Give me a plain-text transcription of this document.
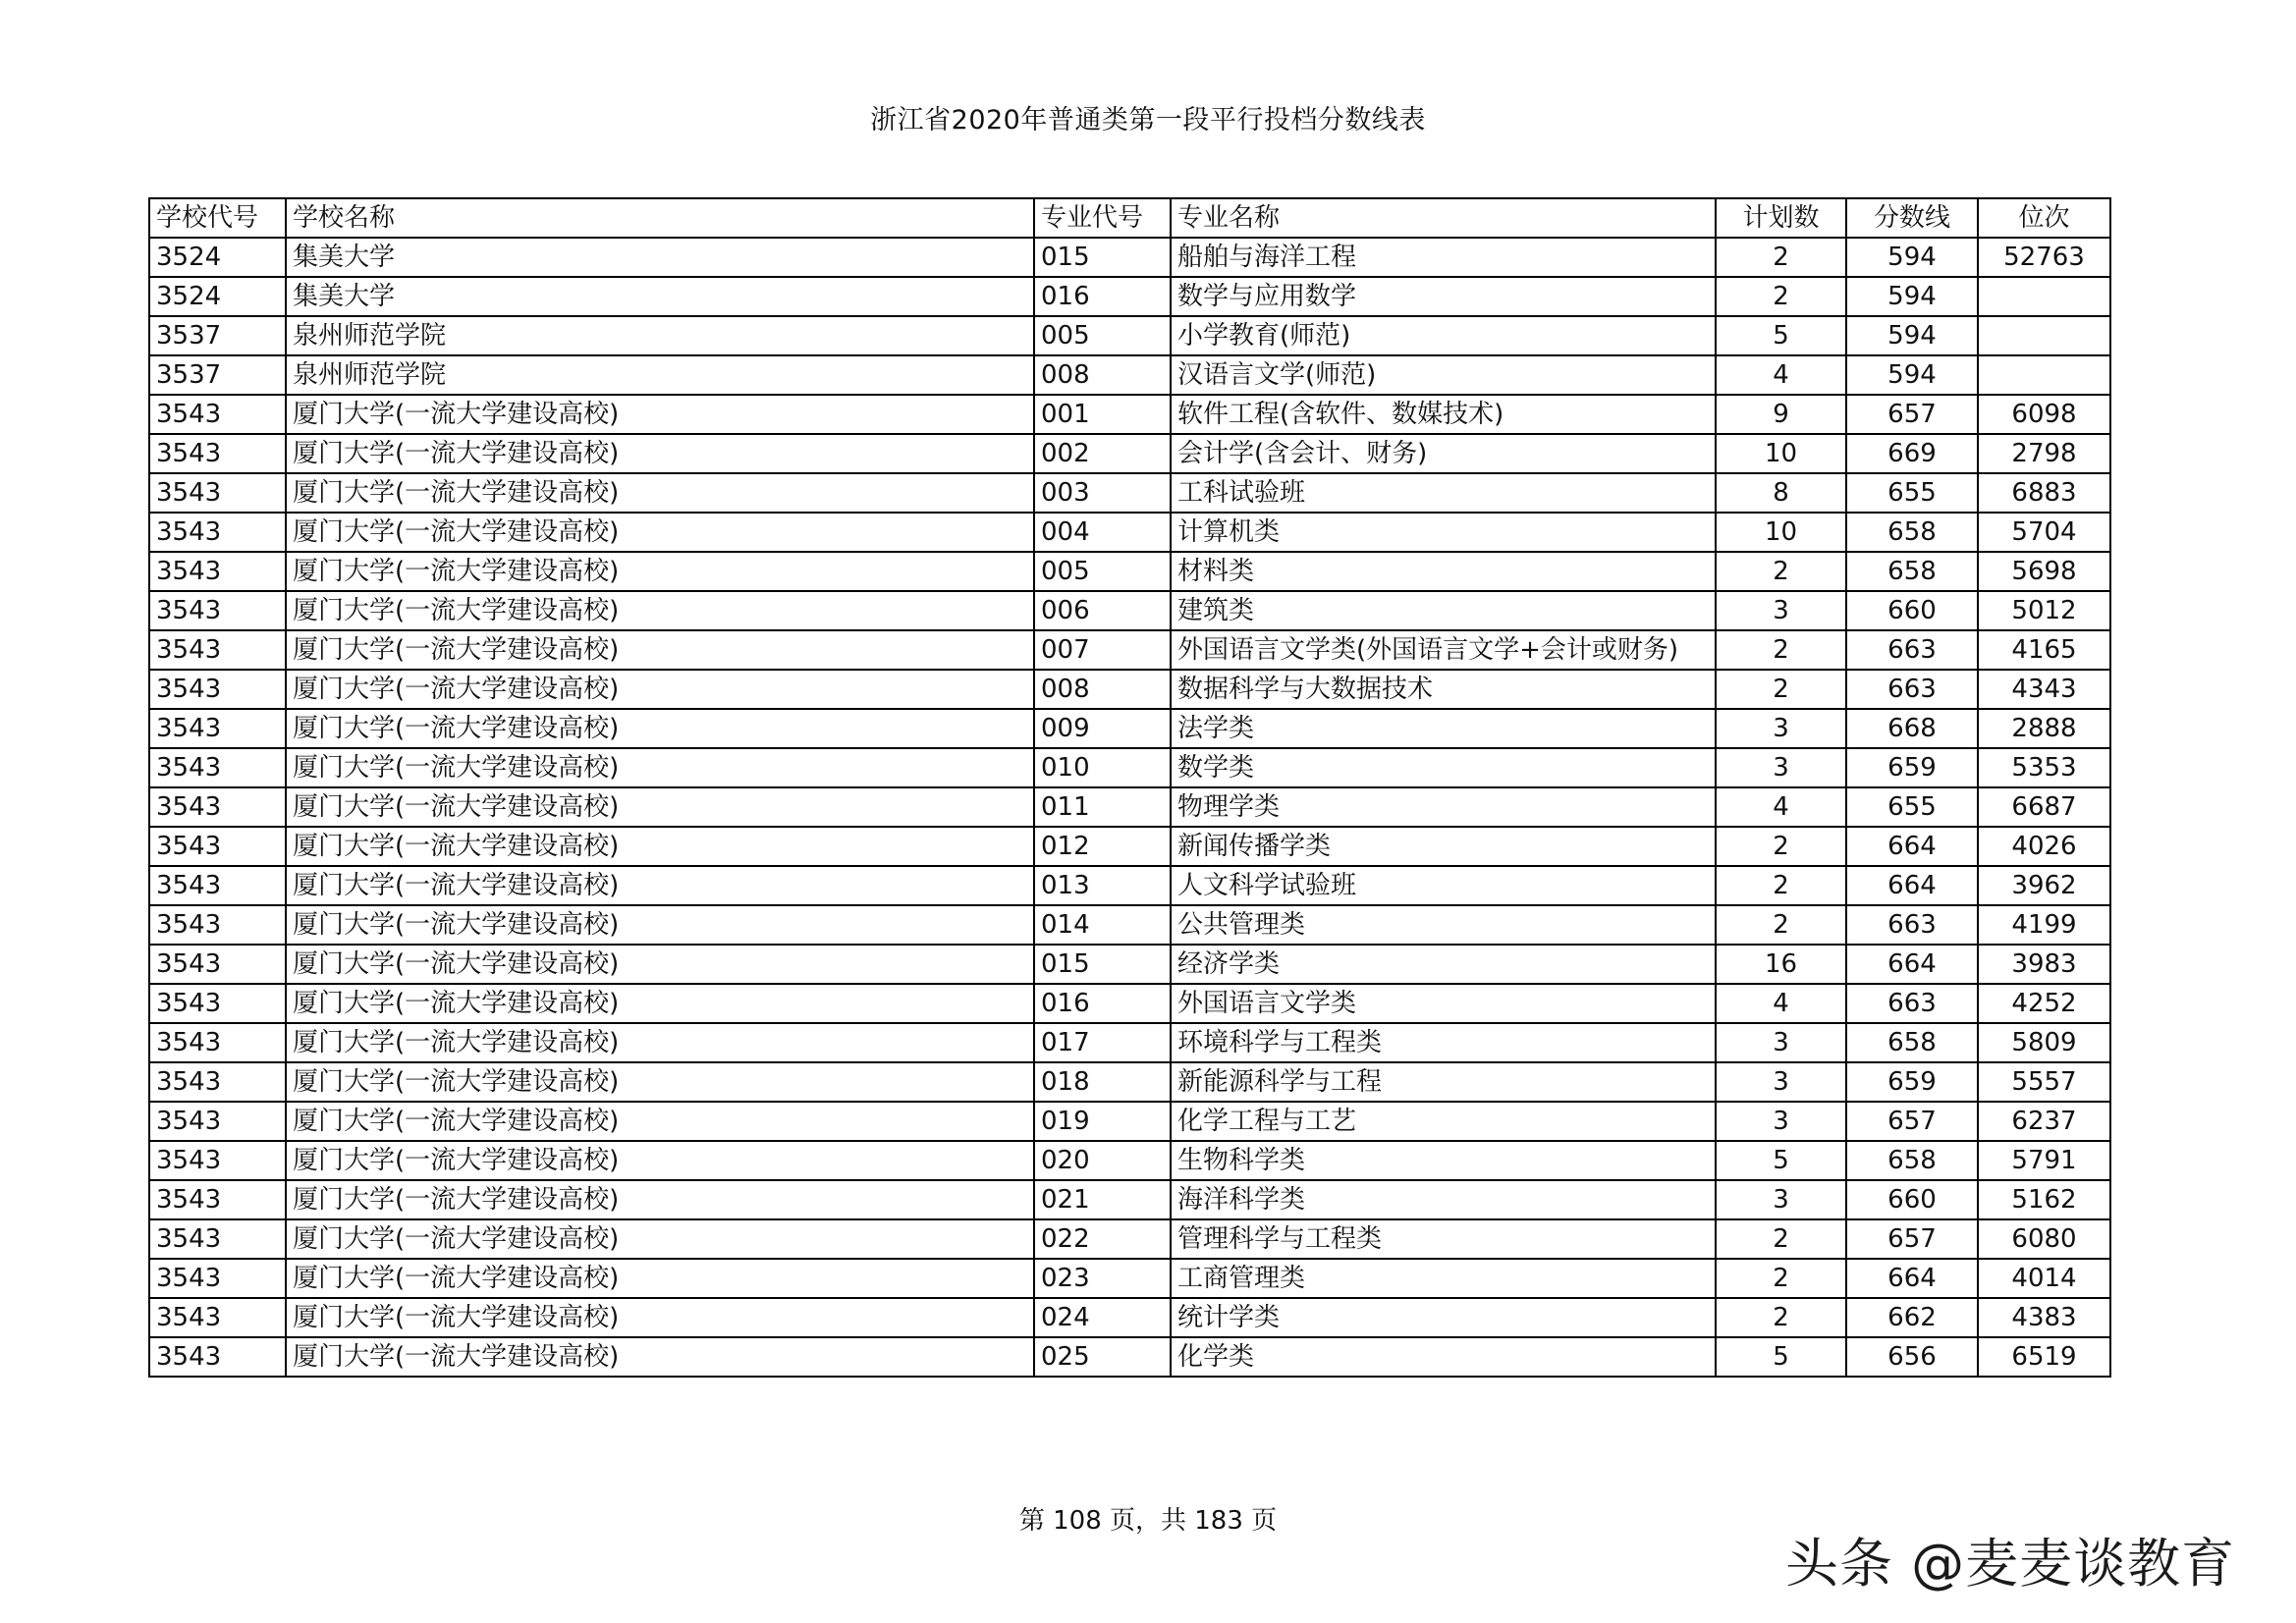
浙江省2020年普通类第一段平行投档分数线表
学校代号	学校名称	专业代号	专业名称	计划数	分数线	位次
3524	集美大学	015	船舶与海洋工程	2	594	52763
3524	集美大学	016	数学与应用数学	2	594	
3537	泉州师范学院	005	小学教育(师范)	5	594	
3537	泉州师范学院	008	汉语言文学(师范)	4	594	
3543	厦门大学(一流大学建设高校)	001	软件工程(含软件、数媒技术)	9	657	6098
3543	厦门大学(一流大学建设高校)	002	会计学(含会计、财务)	10	669	2798
3543	厦门大学(一流大学建设高校)	003	工科试验班	8	655	6883
3543	厦门大学(一流大学建设高校)	004	计算机类	10	658	5704
3543	厦门大学(一流大学建设高校)	005	材料类	2	658	5698
3543	厦门大学(一流大学建设高校)	006	建筑类	3	660	5012
3543	厦门大学(一流大学建设高校)	007	外国语言文学类(外国语言文学+会计或财务)	2	663	4165
3543	厦门大学(一流大学建设高校)	008	数据科学与大数据技术	2	663	4343
3543	厦门大学(一流大学建设高校)	009	法学类	3	668	2888
3543	厦门大学(一流大学建设高校)	010	数学类	3	659	5353
3543	厦门大学(一流大学建设高校)	011	物理学类	4	655	6687
3543	厦门大学(一流大学建设高校)	012	新闻传播学类	2	664	4026
3543	厦门大学(一流大学建设高校)	013	人文科学试验班	2	664	3962
3543	厦门大学(一流大学建设高校)	014	公共管理类	2	663	4199
3543	厦门大学(一流大学建设高校)	015	经济学类	16	664	3983
3543	厦门大学(一流大学建设高校)	016	外国语言文学类	4	663	4252
3543	厦门大学(一流大学建设高校)	017	环境科学与工程类	3	658	5809
3543	厦门大学(一流大学建设高校)	018	新能源科学与工程	3	659	5557
3543	厦门大学(一流大学建设高校)	019	化学工程与工艺	3	657	6237
3543	厦门大学(一流大学建设高校)	020	生物科学类	5	658	5791
3543	厦门大学(一流大学建设高校)	021	海洋科学类	3	660	5162
3543	厦门大学(一流大学建设高校)	022	管理科学与工程类	2	657	6080
3543	厦门大学(一流大学建设高校)	023	工商管理类	2	664	4014
3543	厦门大学(一流大学建设高校)	024	统计学类	2	662	4383
3543	厦门大学(一流大学建设高校)	025	化学类	5	656	6519
第 108 页，共 183 页
头条 @麦麦谈教育
